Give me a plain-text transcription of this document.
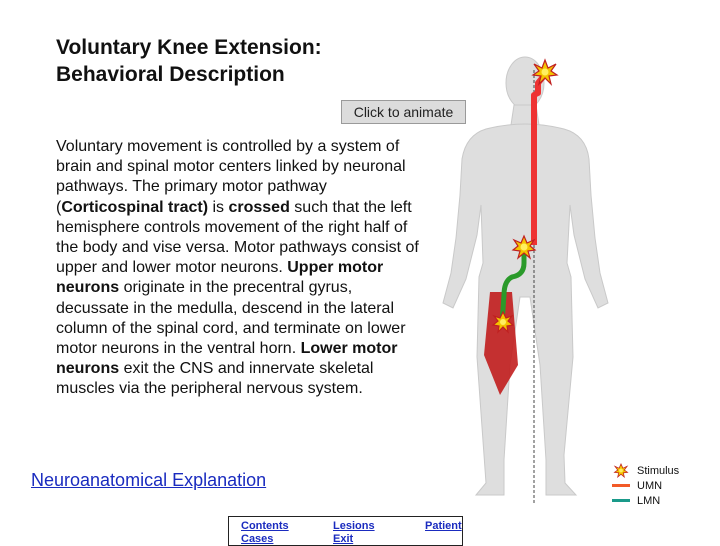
Voluntary Knee Extension:
Behavioral Description
Click to animate
Voluntary movement is controlled by a system of brain and spinal motor centers linked by neuronal pathways. The primary motor pathway (Corticospinal tract) is crossed such that the left hemisphere controls movement of the right half of the body and vise versa. Motor pathways consist of upper and lower motor neurons. Upper motor neurons originate in the precentral gyrus, decussate in the medulla, descend in the lateral column of the spinal cord, and terminate on lower motor neurons in the ventral horn. Lower motor neurons exit the CNS and innervate skeletal muscles via the peripheral nervous system.
Neuroanatomical Explanation	Stimulus
UMN
LMN
Contents
Cases
Lesions
Exit
Patient
